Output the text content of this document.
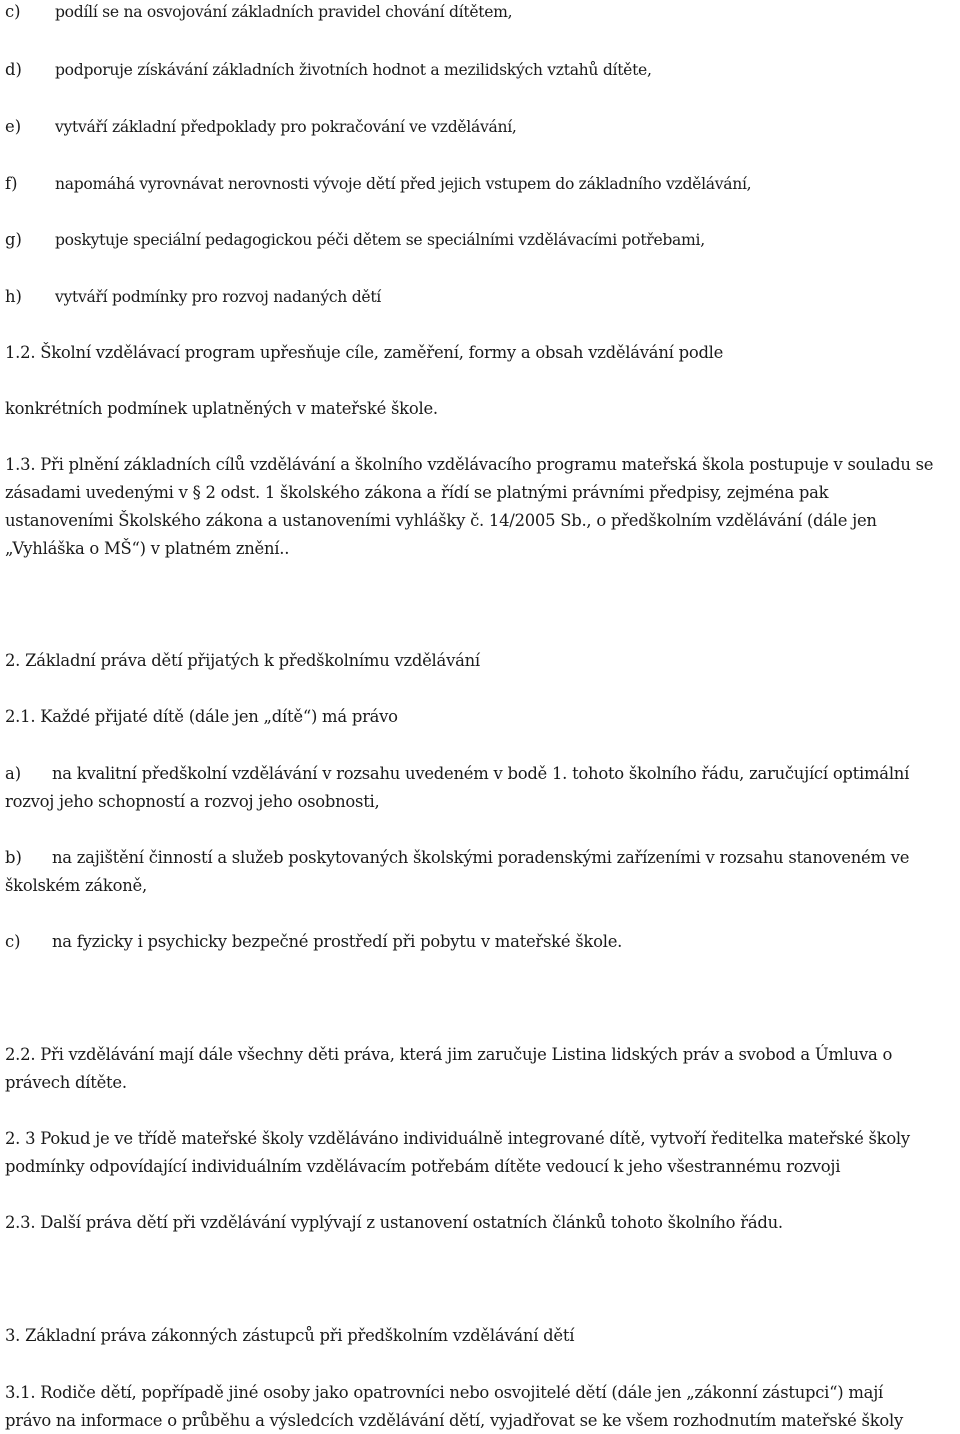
c) podílí se na osvojování základních pravidel chování dítětem,
d) podporuje získávání základních životních hodnot a mezilidských vztahů dítěte,
e) vytváří základní předpoklady pro pokračování ve vzdělávání,
f) napomáhá vyrovnávat nerovnosti vývoje dětí před jejich vstupem do základního vzdělávání,
g) poskytuje speciální pedagogickou péči dětem se speciálními vzdělávacími potřebami,
h) vytváří podmínky pro rozvoj nadaných dětí
1.2. Školní vzdělávací program upřesňuje cíle, zaměření, formy a obsah vzdělávání podle
konkrétních podmínek uplatněných v mateřské škole.
1.3. Při plnění základních cílů vzdělávání a školního vzdělávacího programu mateřská škola postupuje v souladu se
zásadami uvedenými v § 2 odst. 1 školského zákona a řídí se platnými právními předpisy, zejména pak
ustanoveními Školského zákona a ustanoveními vyhlášky č. 14/2005 Sb., o předškolním vzdělávání (dále jen
„Vyhláška o MŠ“) v platném znění..
2. Základní práva dětí přijatých k předškolnímu vzdělávání
2.1. Každé přijaté dítě (dále jen „dítě“) má právo
a) na kvalitní předškolní vzdělávání v rozsahu uvedeném v bodě 1. tohoto školního řádu, zaručující optimální
rozvoj jeho schopností a rozvoj jeho osobnosti,
b) na zajištění činností a služeb poskytovaných školskými poradenskými zařízeními v rozsahu stanoveném ve
školském zákoně,
c) na fyzicky i psychicky bezpečné prostředí při pobytu v mateřské škole.
2.2. Při vzdělávání mají dále všechny děti práva, která jim zaručuje Listina lidských práv a svobod a Úmluva o
právech dítěte.
2. 3 Pokud je ve třídě mateřské školy vzděláváno individuálně integrované dítě, vytvoří ředitelka mateřské školy
podmínky odpovídající individuálním vzdělávacím potřebám dítěte vedoucí k jeho všestrannému rozvoji
2.3. Další práva dětí při vzdělávání vyplývají z ustanovení ostatních článků tohoto školního řádu.
3. Základní práva zákonných zástupců při předškolním vzdělávání dětí
3.1. Rodiče dětí, popřípadě jiné osoby jako opatrovníci nebo osvojitelé dětí (dále jen „zákonní zástupci“) mají
právo na informace o průběhu a výsledcích vzdělávání dětí, vyjadřovat se ke všem rozhodnutím mateřské školy
